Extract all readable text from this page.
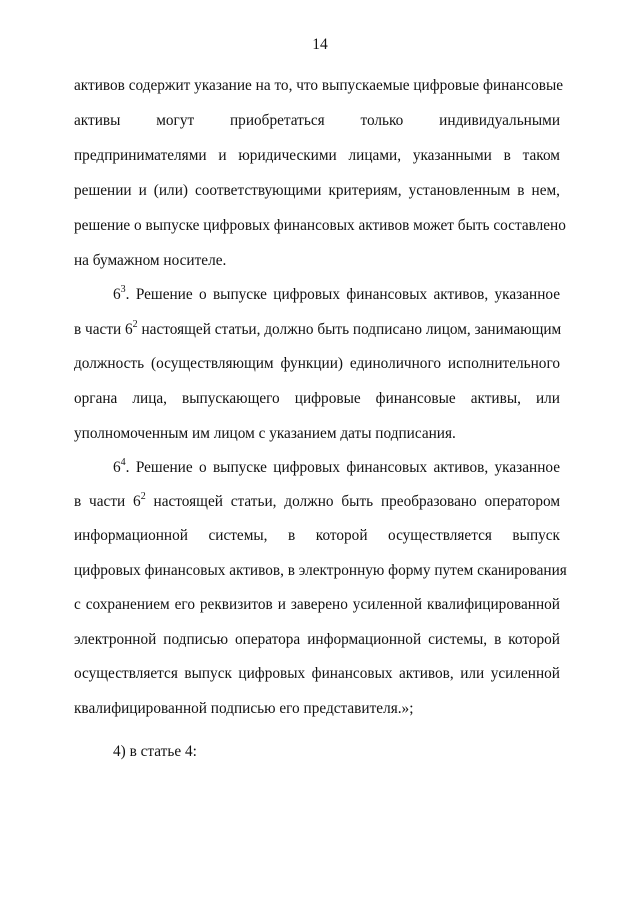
14
активов содержит указание на то, что выпускаемые цифровые финансовые
активы могут приобретаться только индивидуальными
предпринимателями и юридическими лицами, указанными в таком
решении и (или) соответствующими критериям, установленным в нем,
решение о выпуске цифровых финансовых активов может быть составлено
на бумажном носителе.
$6^3$. Решение о выпуске цифровых финансовых активов, указанное
в части $6^2$ настоящей статьи, должно быть подписано лицом, занимающим
должность (осуществляющим функции) единоличного исполнительного
органа лица, выпускающего цифровые финансовые активы, или
уполномоченным им лицом с указанием даты подписания.
$6^4$. Решение о выпуске цифровых финансовых активов, указанное
в части $6^2$ настоящей статьи, должно быть преобразовано оператором
информационной системы, в которой осуществляется выпуск
цифровых финансовых активов, в электронную форму путем сканирования
с сохранением его реквизитов и заверено усиленной квалифицированной
электронной подписью оператора информационной системы, в которой
осуществляется выпуск цифровых финансовых активов, или усиленной
квалифицированной подписью его представителя.»;
4) в статье 4:
